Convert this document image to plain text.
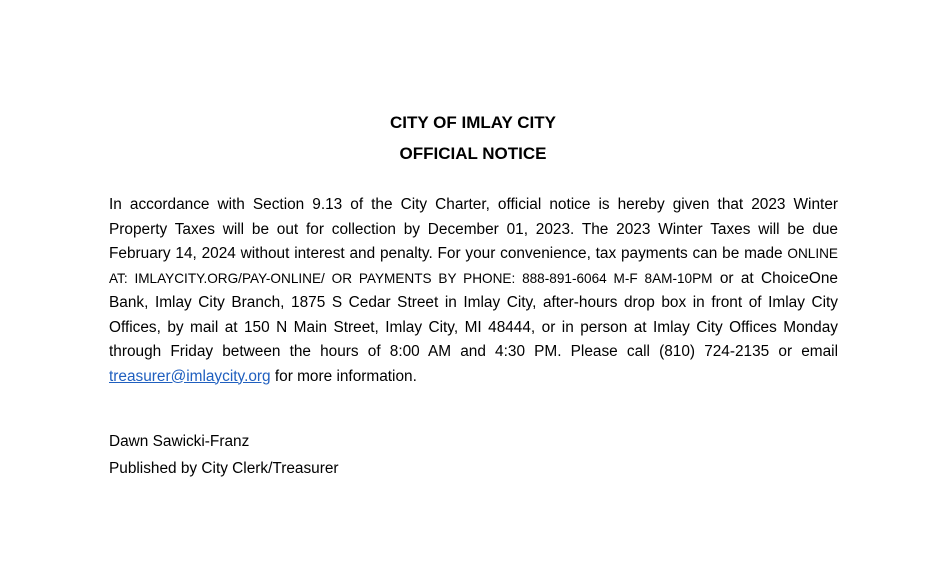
CITY OF IMLAY CITY
OFFICIAL NOTICE

In accordance with Section 9.13 of the City Charter, official notice is hereby given that 2023 Winter Property Taxes will be out for collection by December 01, 2023. The 2023 Winter Taxes will be due February 14, 2024 without interest and penalty. For your convenience, tax payments can be made ONLINE AT: IMLAYCITY.ORG/PAY-ONLINE/ OR PAYMENTS BY PHONE: 888-891-6064 M-F 8AM-10PM or at ChoiceOne Bank, Imlay City Branch, 1875 S Cedar Street in Imlay City, after-hours drop box in front of Imlay City Offices, by mail at 150 N Main Street, Imlay City, MI 48444, or in person at Imlay City Offices Monday through Friday between the hours of 8:00 AM and 4:30 PM. Please call (810) 724-2135 or email treasurer@imlaycity.org for more information.

Dawn Sawicki-Franz
Published by City Clerk/Treasurer
